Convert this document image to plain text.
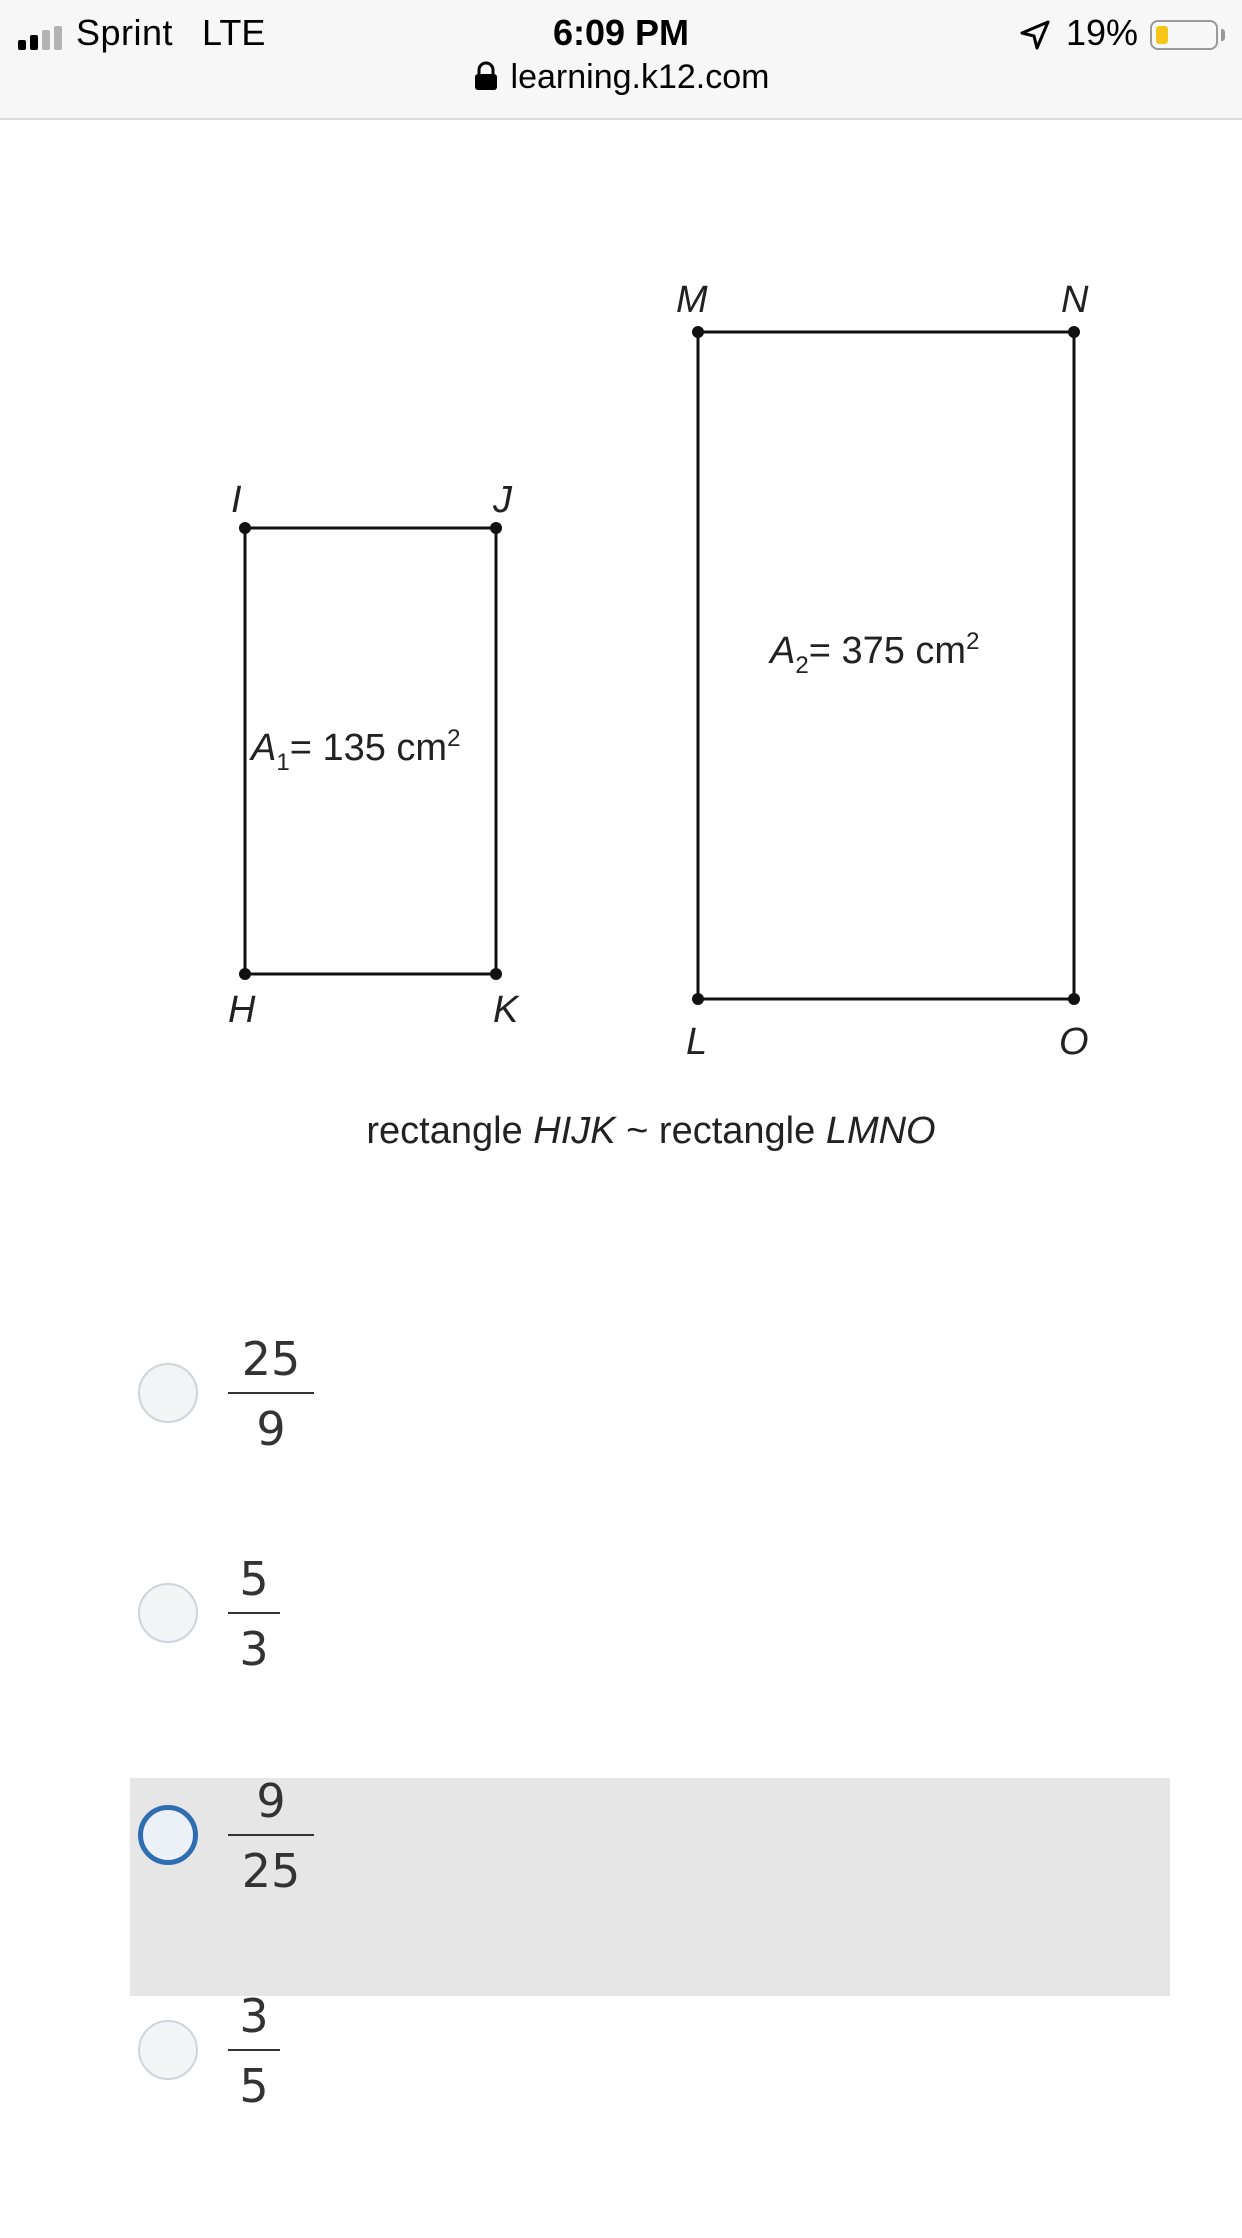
Sprint LTE	6:09 PM	19%
learning.k12.com
I	J
H	K
$A_1= 135$ $cm^2$
M	N
L	O
$A_2= 375$ $cm^2$
rectangle HIJK ~ rectangle LMNO
25
9
5
3
9
25
3
5
